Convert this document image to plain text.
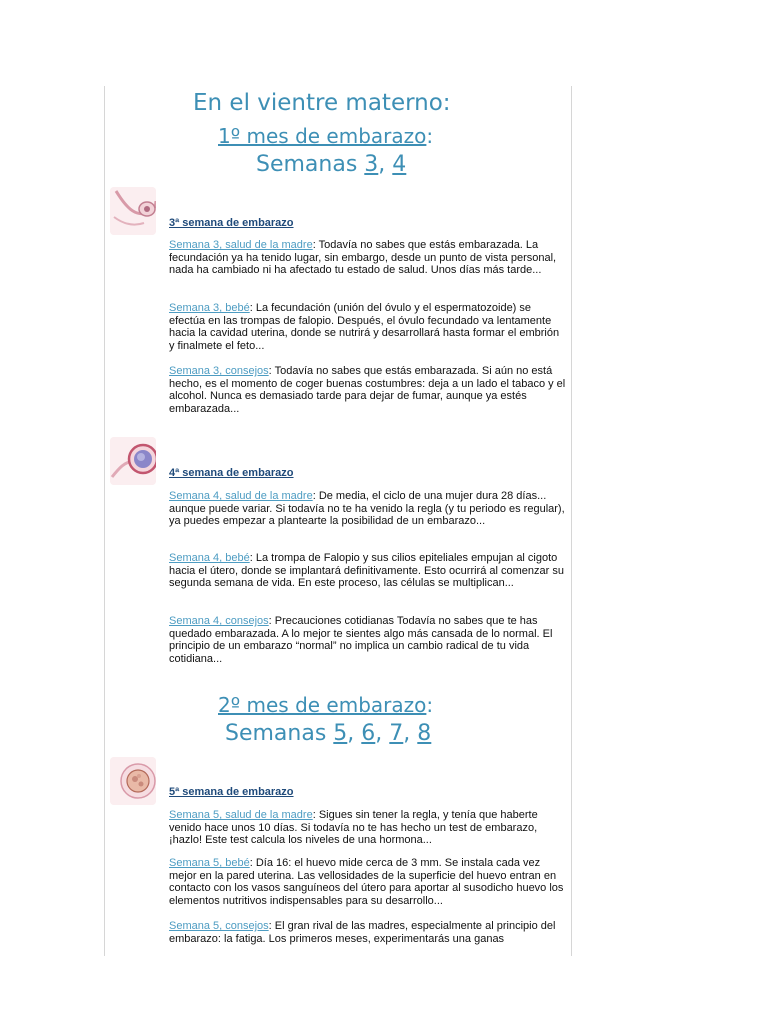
En el vientre materno:
1º mes de embarazo:
Semanas 3, 4
3ª semana de embarazo
Semana 3, salud de la madre: Todavía no sabes que estás embarazada. La fecundación ya ha tenido lugar, sin embargo, desde un punto de vista personal, nada ha cambiado ni ha afectado tu estado de salud. Unos días más tarde...
Semana 3, bebé: La fecundación (unión del óvulo y el espermatozoide) se efectúa en las trompas de falopio. Después, el óvulo fecundado va lentamente hacia la cavidad uterina, donde se nutrirá y desarrollará hasta formar el embrión y finalmete el feto...
Semana 3, consejos: Todavía no sabes que estás embarazada. Si aún no está hecho, es el momento de coger buenas costumbres: deja a un lado el tabaco y el alcohol. Nunca es demasiado tarde para dejar de fumar, aunque ya estés embarazada...
4ª semana de embarazo
Semana 4, salud de la madre: De media, el ciclo de una mujer dura 28 días... aunque puede variar. Si todavía no te ha venido la regla (y tu periodo es regular), ya puedes empezar a plantearte la posibilidad de un embarazo...
Semana 4, bebé: La trompa de Falopio y sus cilios epiteliales empujan al cigoto hacia el útero, donde se implantará definitivamente. Esto ocurrirá al comenzar su segunda semana de vida. En este proceso, las células se multiplican...
Semana 4, consejos: Precauciones cotidianas Todavía no sabes que te has quedado embarazada. A lo mejor te sientes algo más cansada de lo normal. El principio de un embarazo “normal” no implica un cambio radical de tu vida cotidiana...
2º mes de embarazo:
Semanas 5, 6, 7, 8
5ª semana de embarazo
Semana 5, salud de la madre: Sigues sin tener la regla, y tenía que haberte venido hace unos 10 días. Si todavía no te has hecho un test de embarazo, ¡hazlo! Este test calcula los niveles de una hormona...
Semana 5, bebé: Día 16: el huevo mide cerca de 3 mm. Se instala cada vez mejor en la pared uterina. Las vellosidades de la superficie del huevo entran en contacto con los vasos sanguíneos del útero para aportar al susodicho huevo los elementos nutritivos indispensables para su desarrollo...
Semana 5, consejos: El gran rival de las madres, especialmente al principio del embarazo: la fatiga. Los primeros meses, experimentarás una ganas
